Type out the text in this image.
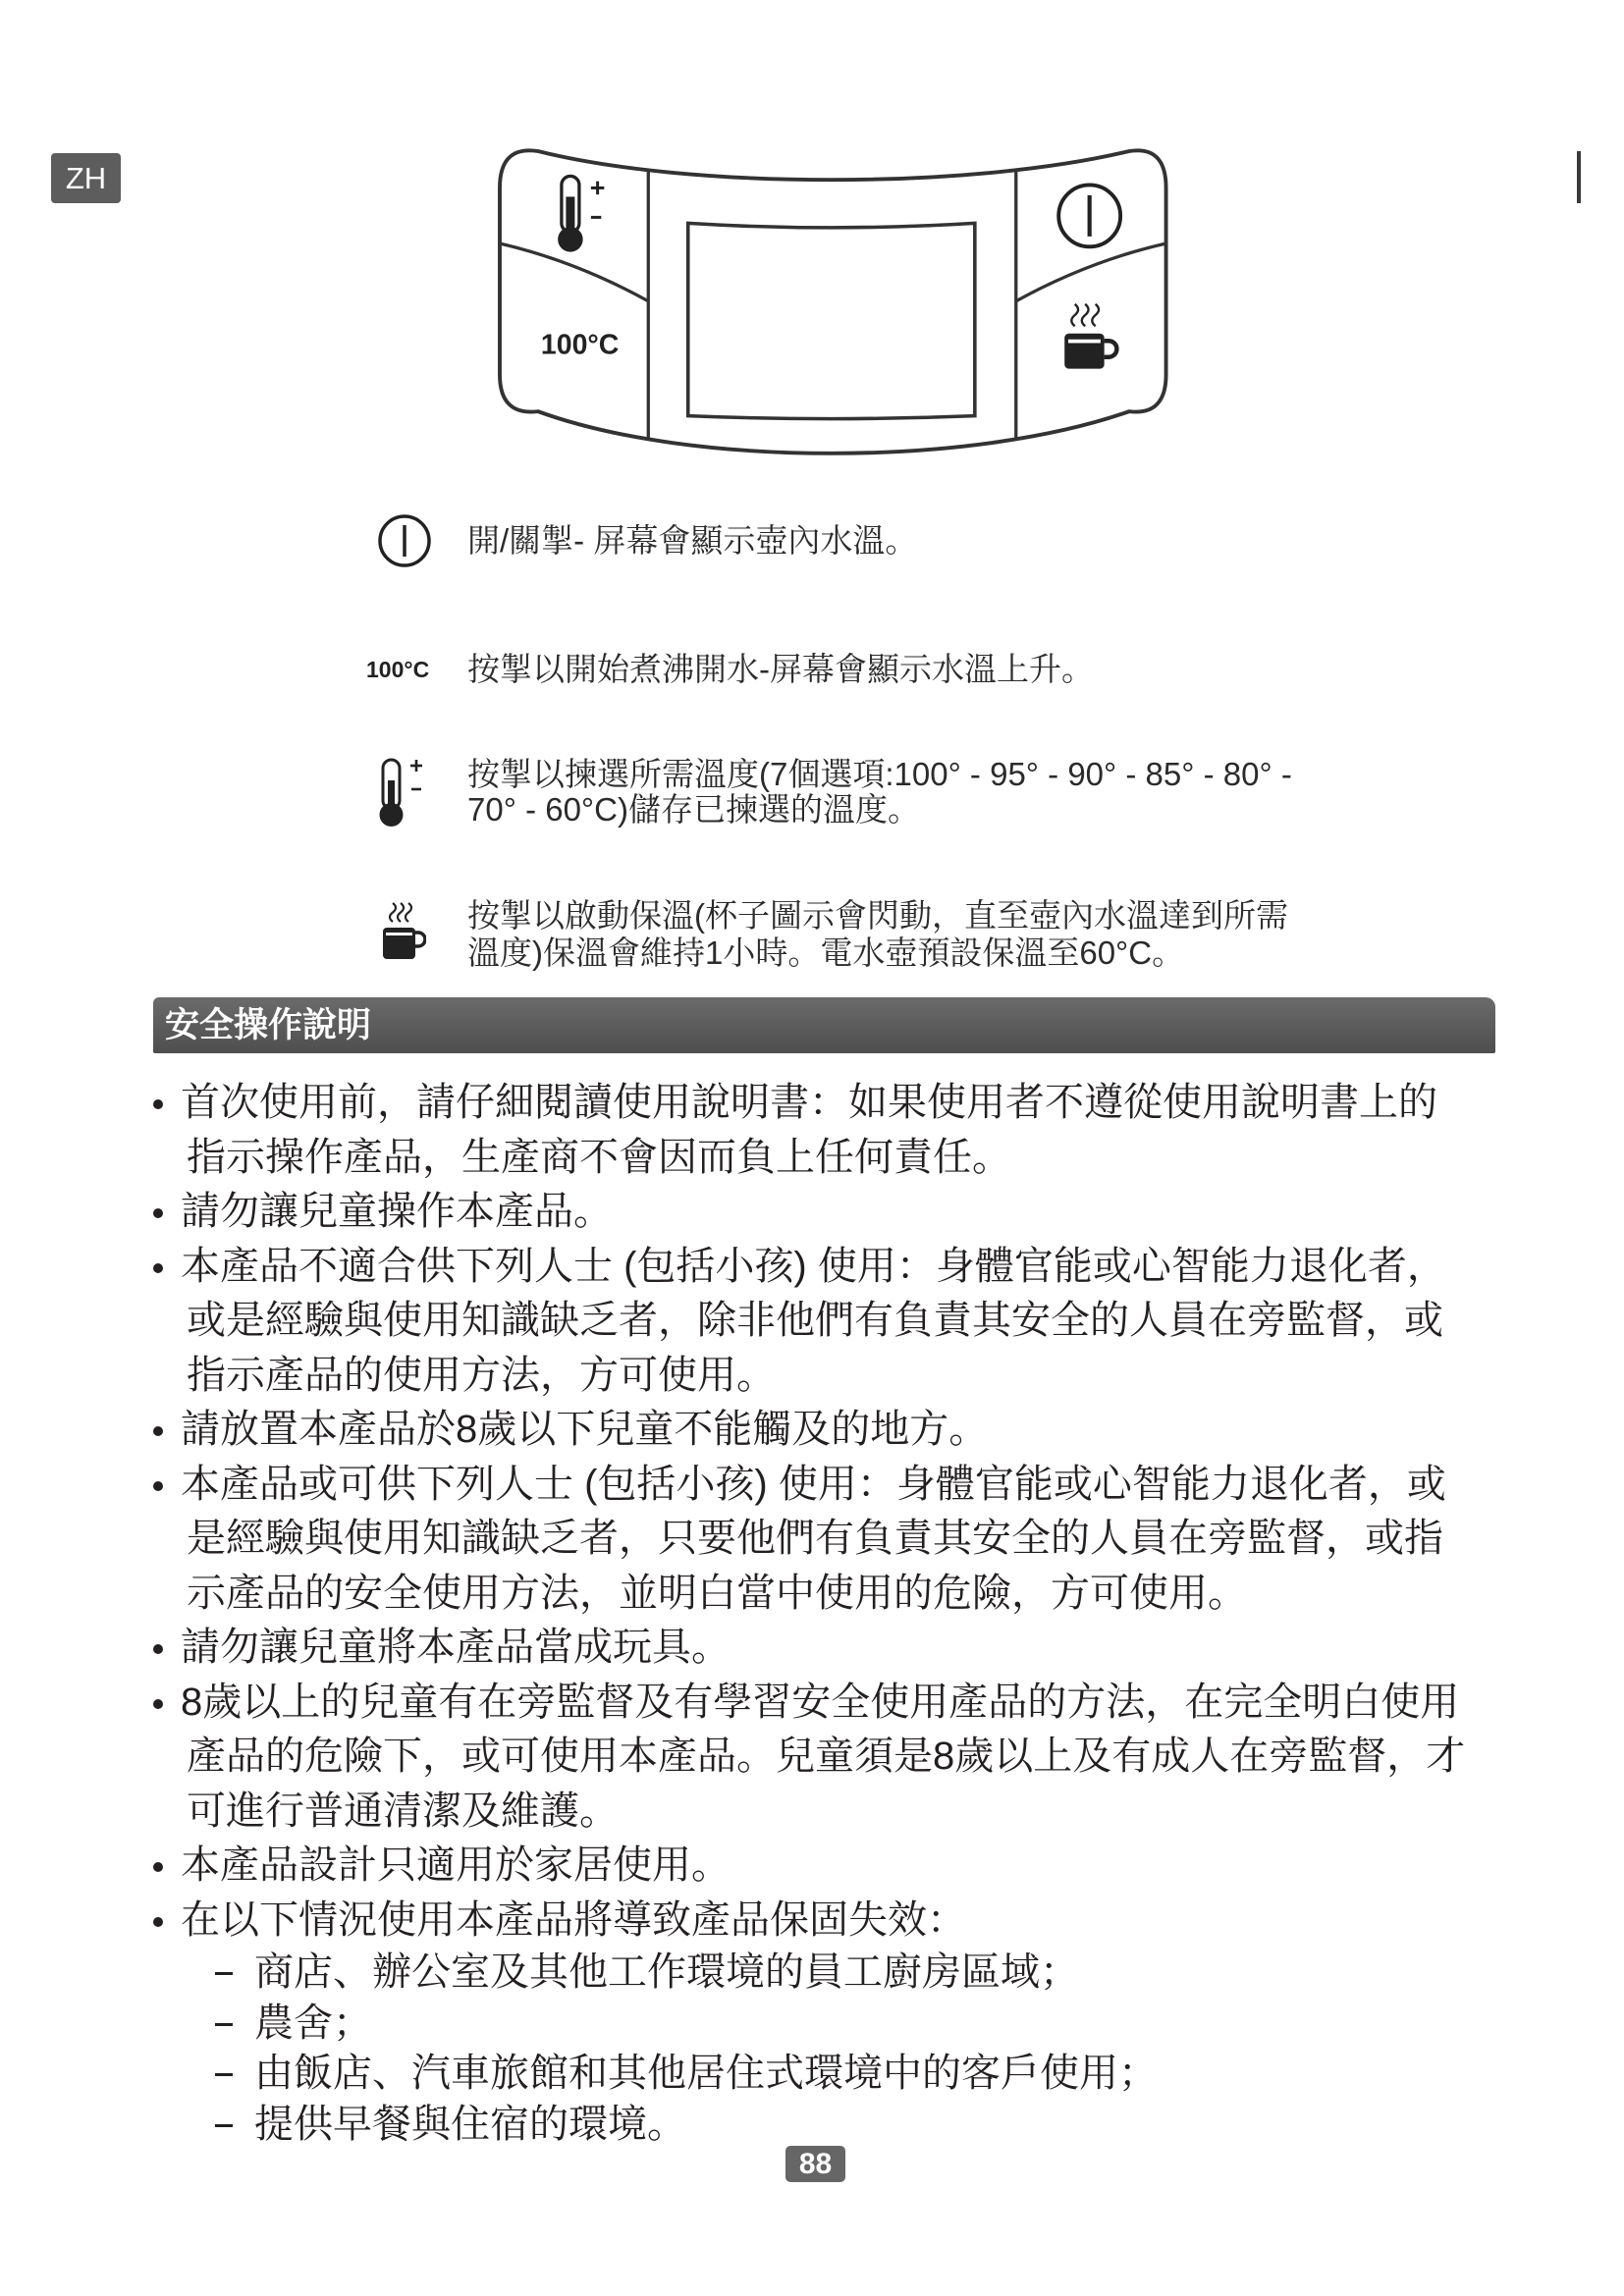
ZH
100°C
開/關掣- 屏幕會顯示壺內水溫。
100°C 按掣以開始煮沸開水-屏幕會顯示水溫上升。
按掣以揀選所需溫度(7個選項:100° - 95° - 90° - 85° - 80° -
70° - 60°C)儲存已揀選的溫度。
按掣以啟動保溫(杯子圖示會閃動，直至壺內水溫達到所需
溫度)保溫會維持1小時。電水壺預設保溫至60°C。
安全操作說明
首次使用前，請仔細閱讀使用說明書：如果使用者不遵從使用說明書上的
指示操作產品，生產商不會因而負上任何責任。
請勿讓兒童操作本產品。
本產品不適合供下列人士 (包括小孩) 使用：身體官能或心智能力退化者，
或是經驗與使用知識缺乏者，除非他們有負責其安全的人員在旁監督，或
指示產品的使用方法，方可使用。
請放置本產品於8歲以下兒童不能觸及的地方。
本產品或可供下列人士 (包括小孩) 使用：身體官能或心智能力退化者，或
是經驗與使用知識缺乏者，只要他們有負責其安全的人員在旁監督，或指
示產品的安全使用方法，並明白當中使用的危險，方可使用。
請勿讓兒童將本產品當成玩具。
8歲以上的兒童有在旁監督及有學習安全使用產品的方法，在完全明白使用
產品的危險下，或可使用本產品。兒童須是8歲以上及有成人在旁監督，才
可進行普通清潔及維護。
本產品設計只適用於家居使用。
在以下情況使用本產品將導致產品保固失效：
商店、辦公室及其他工作環境的員工廚房區域；
農舍；
由飯店、汽車旅館和其他居住式環境中的客戶使用；
提供早餐與住宿的環境。
88
